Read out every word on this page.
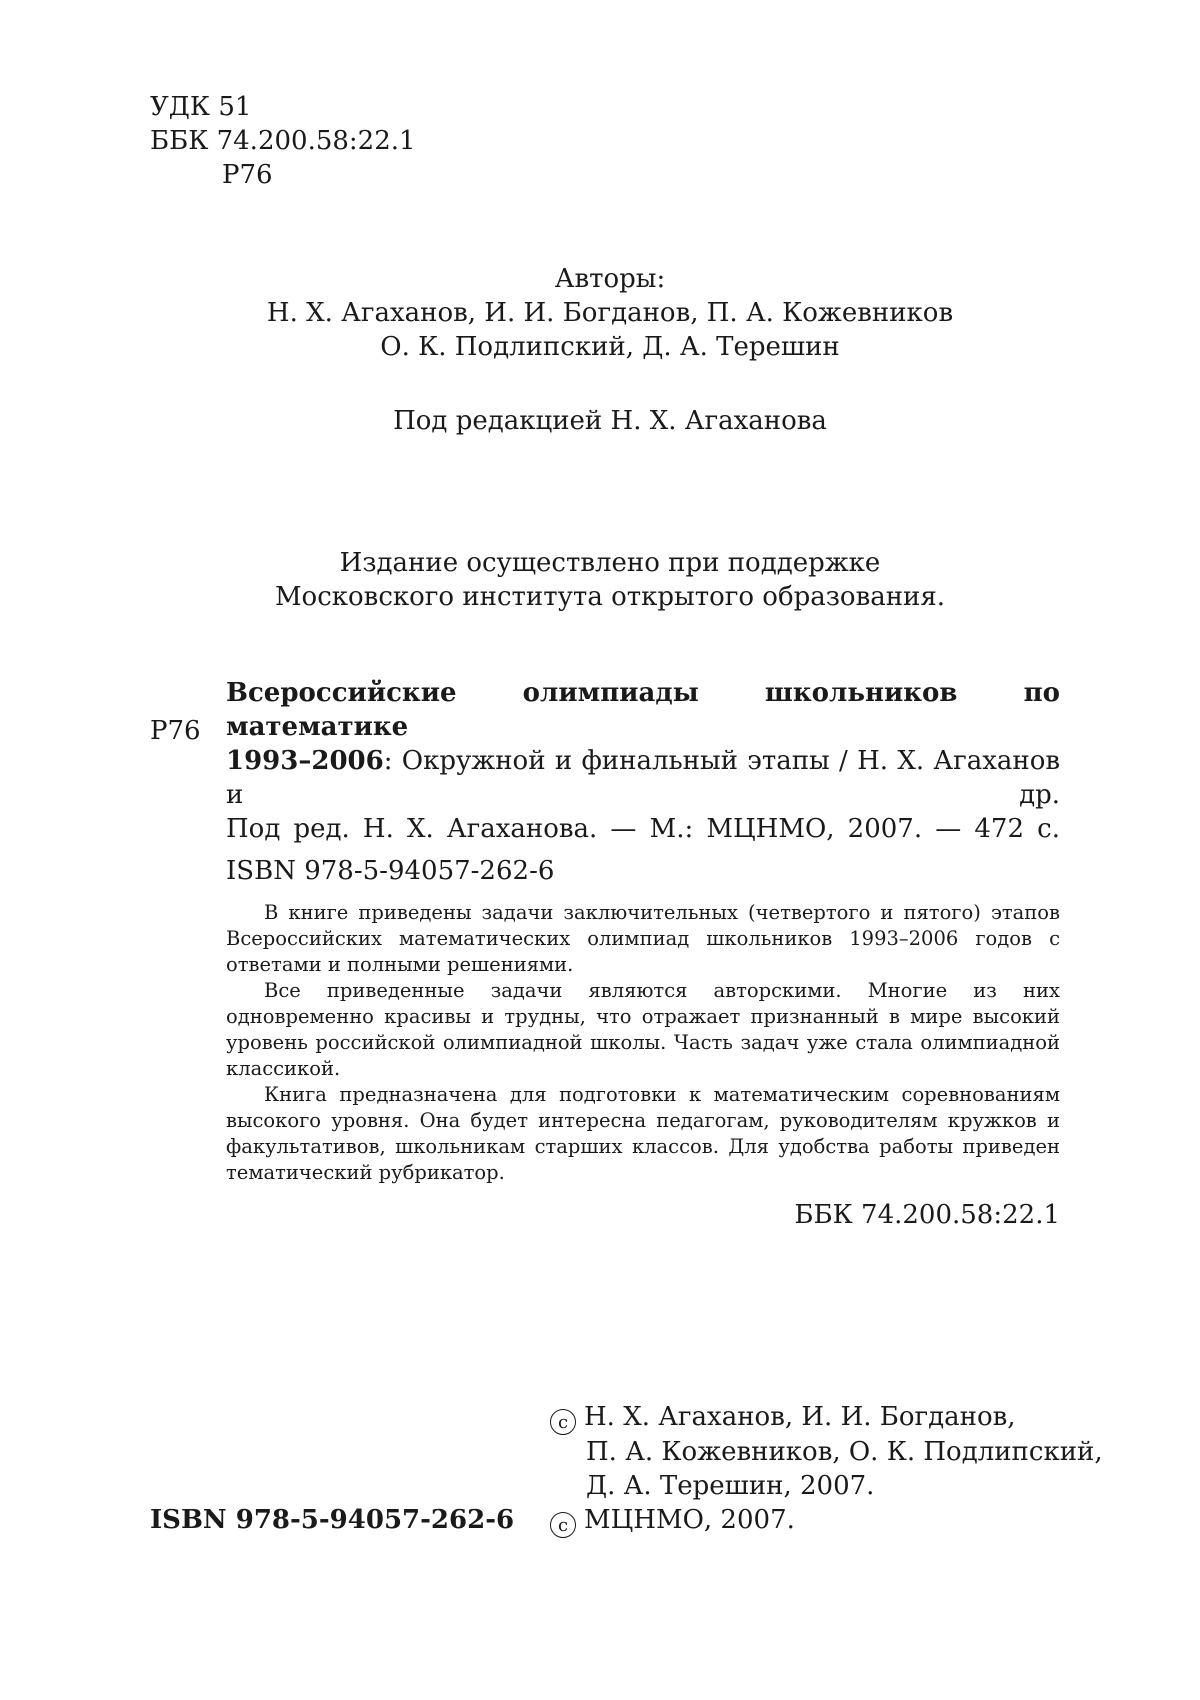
УДК 51
ББК 74.200.58:22.1
Р76
Авторы:
Н. Х. Агаханов, И. И. Богданов, П. А. Кожевников
О. К. Подлипский, Д. А. Терешин
Под редакцией Н. Х. Агаханова
Издание осуществлено при поддержке
Московского института открытого образования.
Р76
Всероссийские олимпиады школьников по математике
1993–2006: Окружной и финальный этапы / Н. Х. Агаханов и др.
Под ред. Н. Х. Агаханова. — М.: МЦНМО, 2007. — 472 с.
ISBN 978-5-94057-262-6

В книге приведены задачи заключительных (четвертого и пятого) этапов Всероссийских математических олимпиад школьников 1993–2006 годов с ответами и полными решениями.

Все приведенные задачи являются авторскими. Многие из них одновременно красивы и трудны, что отражает признанный в мире высокий уровень российской олимпиадной школы. Часть задач уже стала олимпиадной классикой.

Книга предназначена для подготовки к математическим соревнованиям высокого уровня. Она будет интересна педагогам, руководителям кружков и факультативов, школьникам старших классов. Для удобства работы приведен тематический рубрикатор.

ББК 74.200.58:22.1
c Н. Х. Агаханов, И. И. Богданов,
П. А. Кожевников, О. К. Подлипский,
Д. А. Терешин, 2007.
c МЦНМО, 2007.
ISBN 978-5-94057-262-6
